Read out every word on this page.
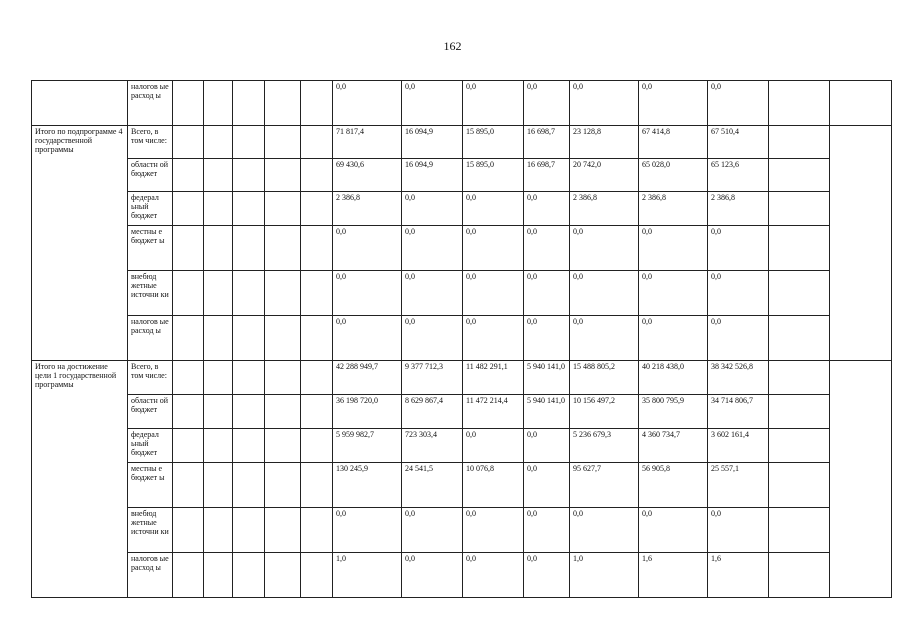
162
	налогов ые расход ы						0,0	0,0	0,0	0,0	0,0	0,0	0,0		
Итого по подпрограмме 4 государственной программы	Всего, в том числе:						71 817,4	16 094,9	15 895,0	16 698,7	23 128,8	67 414,8	67 510,4		
	областн ой бюджет						69 430,6	16 094,9	15 895,0	16 698,7	20 742,0	65 028,0	65 123,6		
	федерал ьный бюджет						2 386,8	0,0	0,0	0,0	2 386,8	2 386,8	2 386,8		
	местны е бюджет ы						0,0	0,0	0,0	0,0	0,0	0,0	0,0		
	внебюд жетные источни ки						0,0	0,0	0,0	0,0	0,0	0,0	0,0		
	налогов ые расход ы						0,0	0,0	0,0	0,0	0,0	0,0	0,0		
Итого на достижение цели 1 государственной программы	Всего, в том числе:						42 288 949,7	9 377 712,3	11 482 291,1	5 940 141,0	15 488 805,2	40 218 438,0	38 342 526,8		
	областн ой бюджет						36 198 720,0	8 629 867,4	11 472 214,4	5 940 141,0	10 156 497,2	35 800 795,9	34 714 806,7		
	федерал ьный бюджет						5 959 982,7	723 303,4	0,0	0,0	5 236 679,3	4 360 734,7	3 602 161,4		
	местны е бюджет ы						130 245,9	24 541,5	10 076,8	0,0	95 627,7	56 905,8	25 557,1		
	внебюд жетные источни ки						0,0	0,0	0,0	0,0	0,0	0,0	0,0		
	налогов ые расход ы						1,0	0,0	0,0	0,0	1,0	1,6	1,6		
